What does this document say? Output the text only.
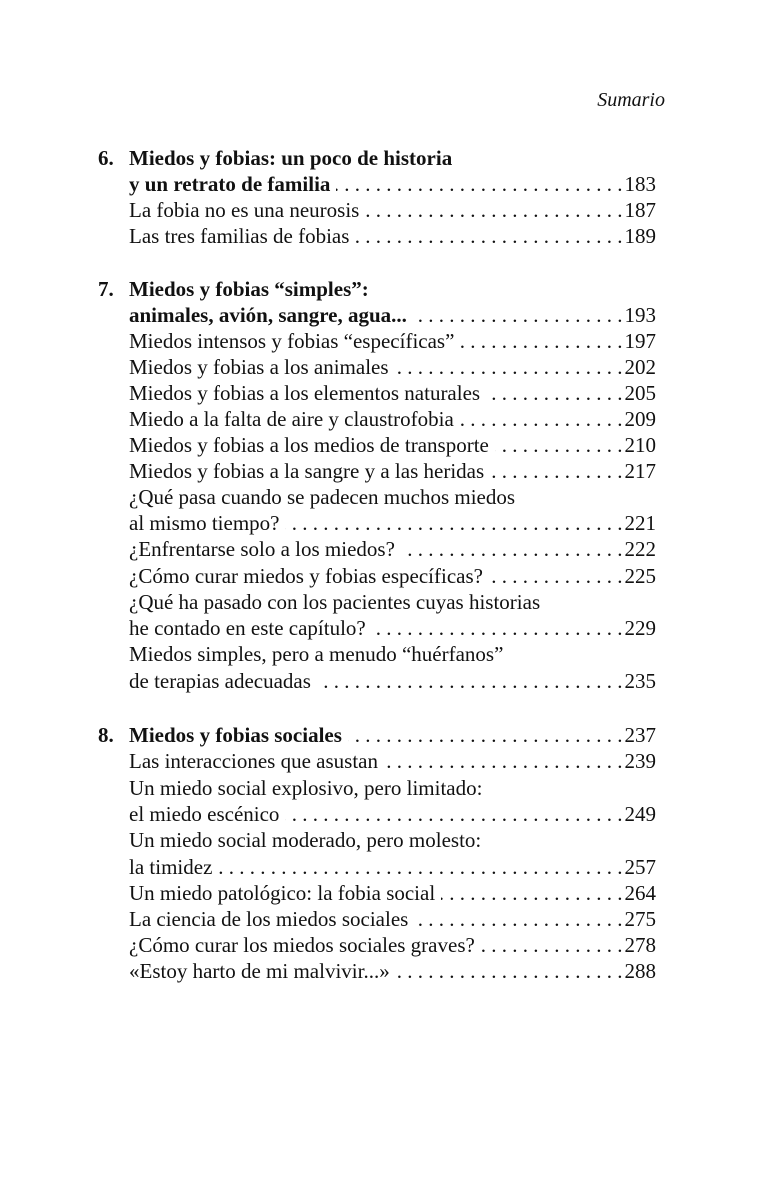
Sumario
6. Miedos y fobias: un poco de historia
y un retrato de familia . . .	183
La fobia no es una neurosis . . .	187
Las tres familias de fobias . . .	189
7. Miedos y fobias “simples”:
animales, avión, sangre, agua... . . .	193
Miedos intensos y fobias “específicas” . . .	197
Miedos y fobias a los animales . . .	202
Miedos y fobias a los elementos naturales . . .	205
Miedo a la falta de aire y claustrofobia . . .	209
Miedos y fobias a los medios de transporte . . .	210
Miedos y fobias a la sangre y a las heridas . . .	217
¿Qué pasa cuando se padecen muchos miedos
al mismo tiempo? . . .	221
¿Enfrentarse solo a los miedos? . . .	222
¿Cómo curar miedos y fobias específicas? . . .	225
¿Qué ha pasado con los pacientes cuyas historias
he contado en este capítulo? . . .	229
Miedos simples, pero a menudo “huérfanos”
de terapias adecuadas . . .	235
8. Miedos y fobias sociales . . .	237
Las interacciones que asustan . . .	239
Un miedo social explosivo, pero limitado:
el miedo escénico . . .	249
Un miedo social moderado, pero molesto:
la timidez . . .	257
Un miedo patológico: la fobia social . . .	264
La ciencia de los miedos sociales . . .	275
¿Cómo curar los miedos sociales graves? . . .	278
«Estoy harto de mi malvivir...» . . .	288
